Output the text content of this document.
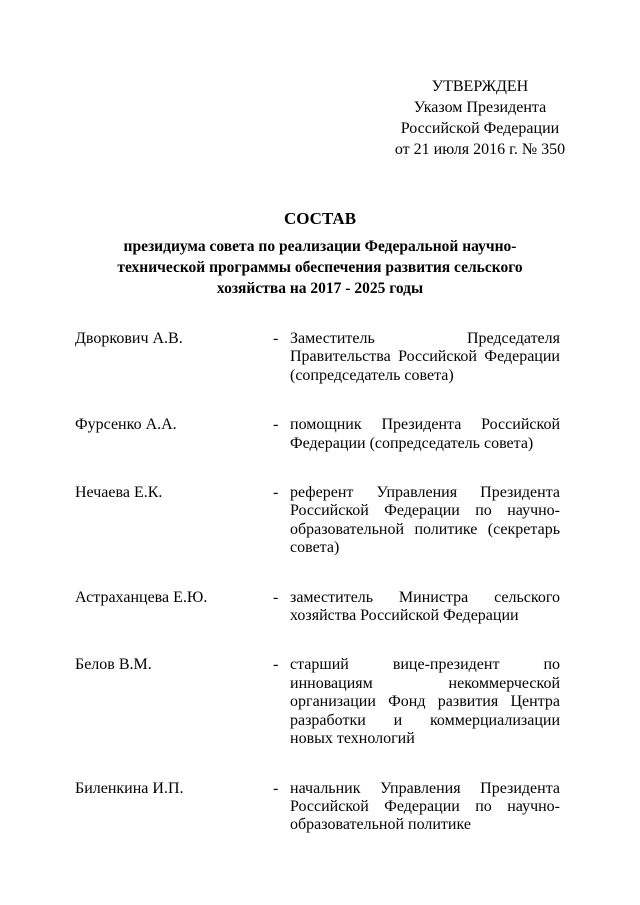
УТВЕРЖДЕН
Указом Президента
Российской Федерации
от 21 июля 2016 г. № 350
СОСТАВ
президиума совета по реализации Федеральной научно-
технической программы обеспечения развития сельского
хозяйства на 2017 - 2025 годы
Дворкович А.В.	- Заместитель Председателя
Правительства Российской Федерации
(сопредседатель совета)
Фурсенко А.А.	- помощник Президента Российской
Федерации (сопредседатель совета)
Нечаева Е.К.	- референт Управления Президента
Российской Федерации по научно-
образовательной политике (секретарь
совета)
Астраханцева Е.Ю.	- заместитель Министра сельского
хозяйства Российской Федерации
Белов В.М.	- старший вице-президент по
инновациям некоммерческой
организации Фонд развития Центра
разработки и коммерциализации
новых технологий
Биленкина И.П.	- начальник Управления Президента
Российской Федерации по научно-
образовательной политике
